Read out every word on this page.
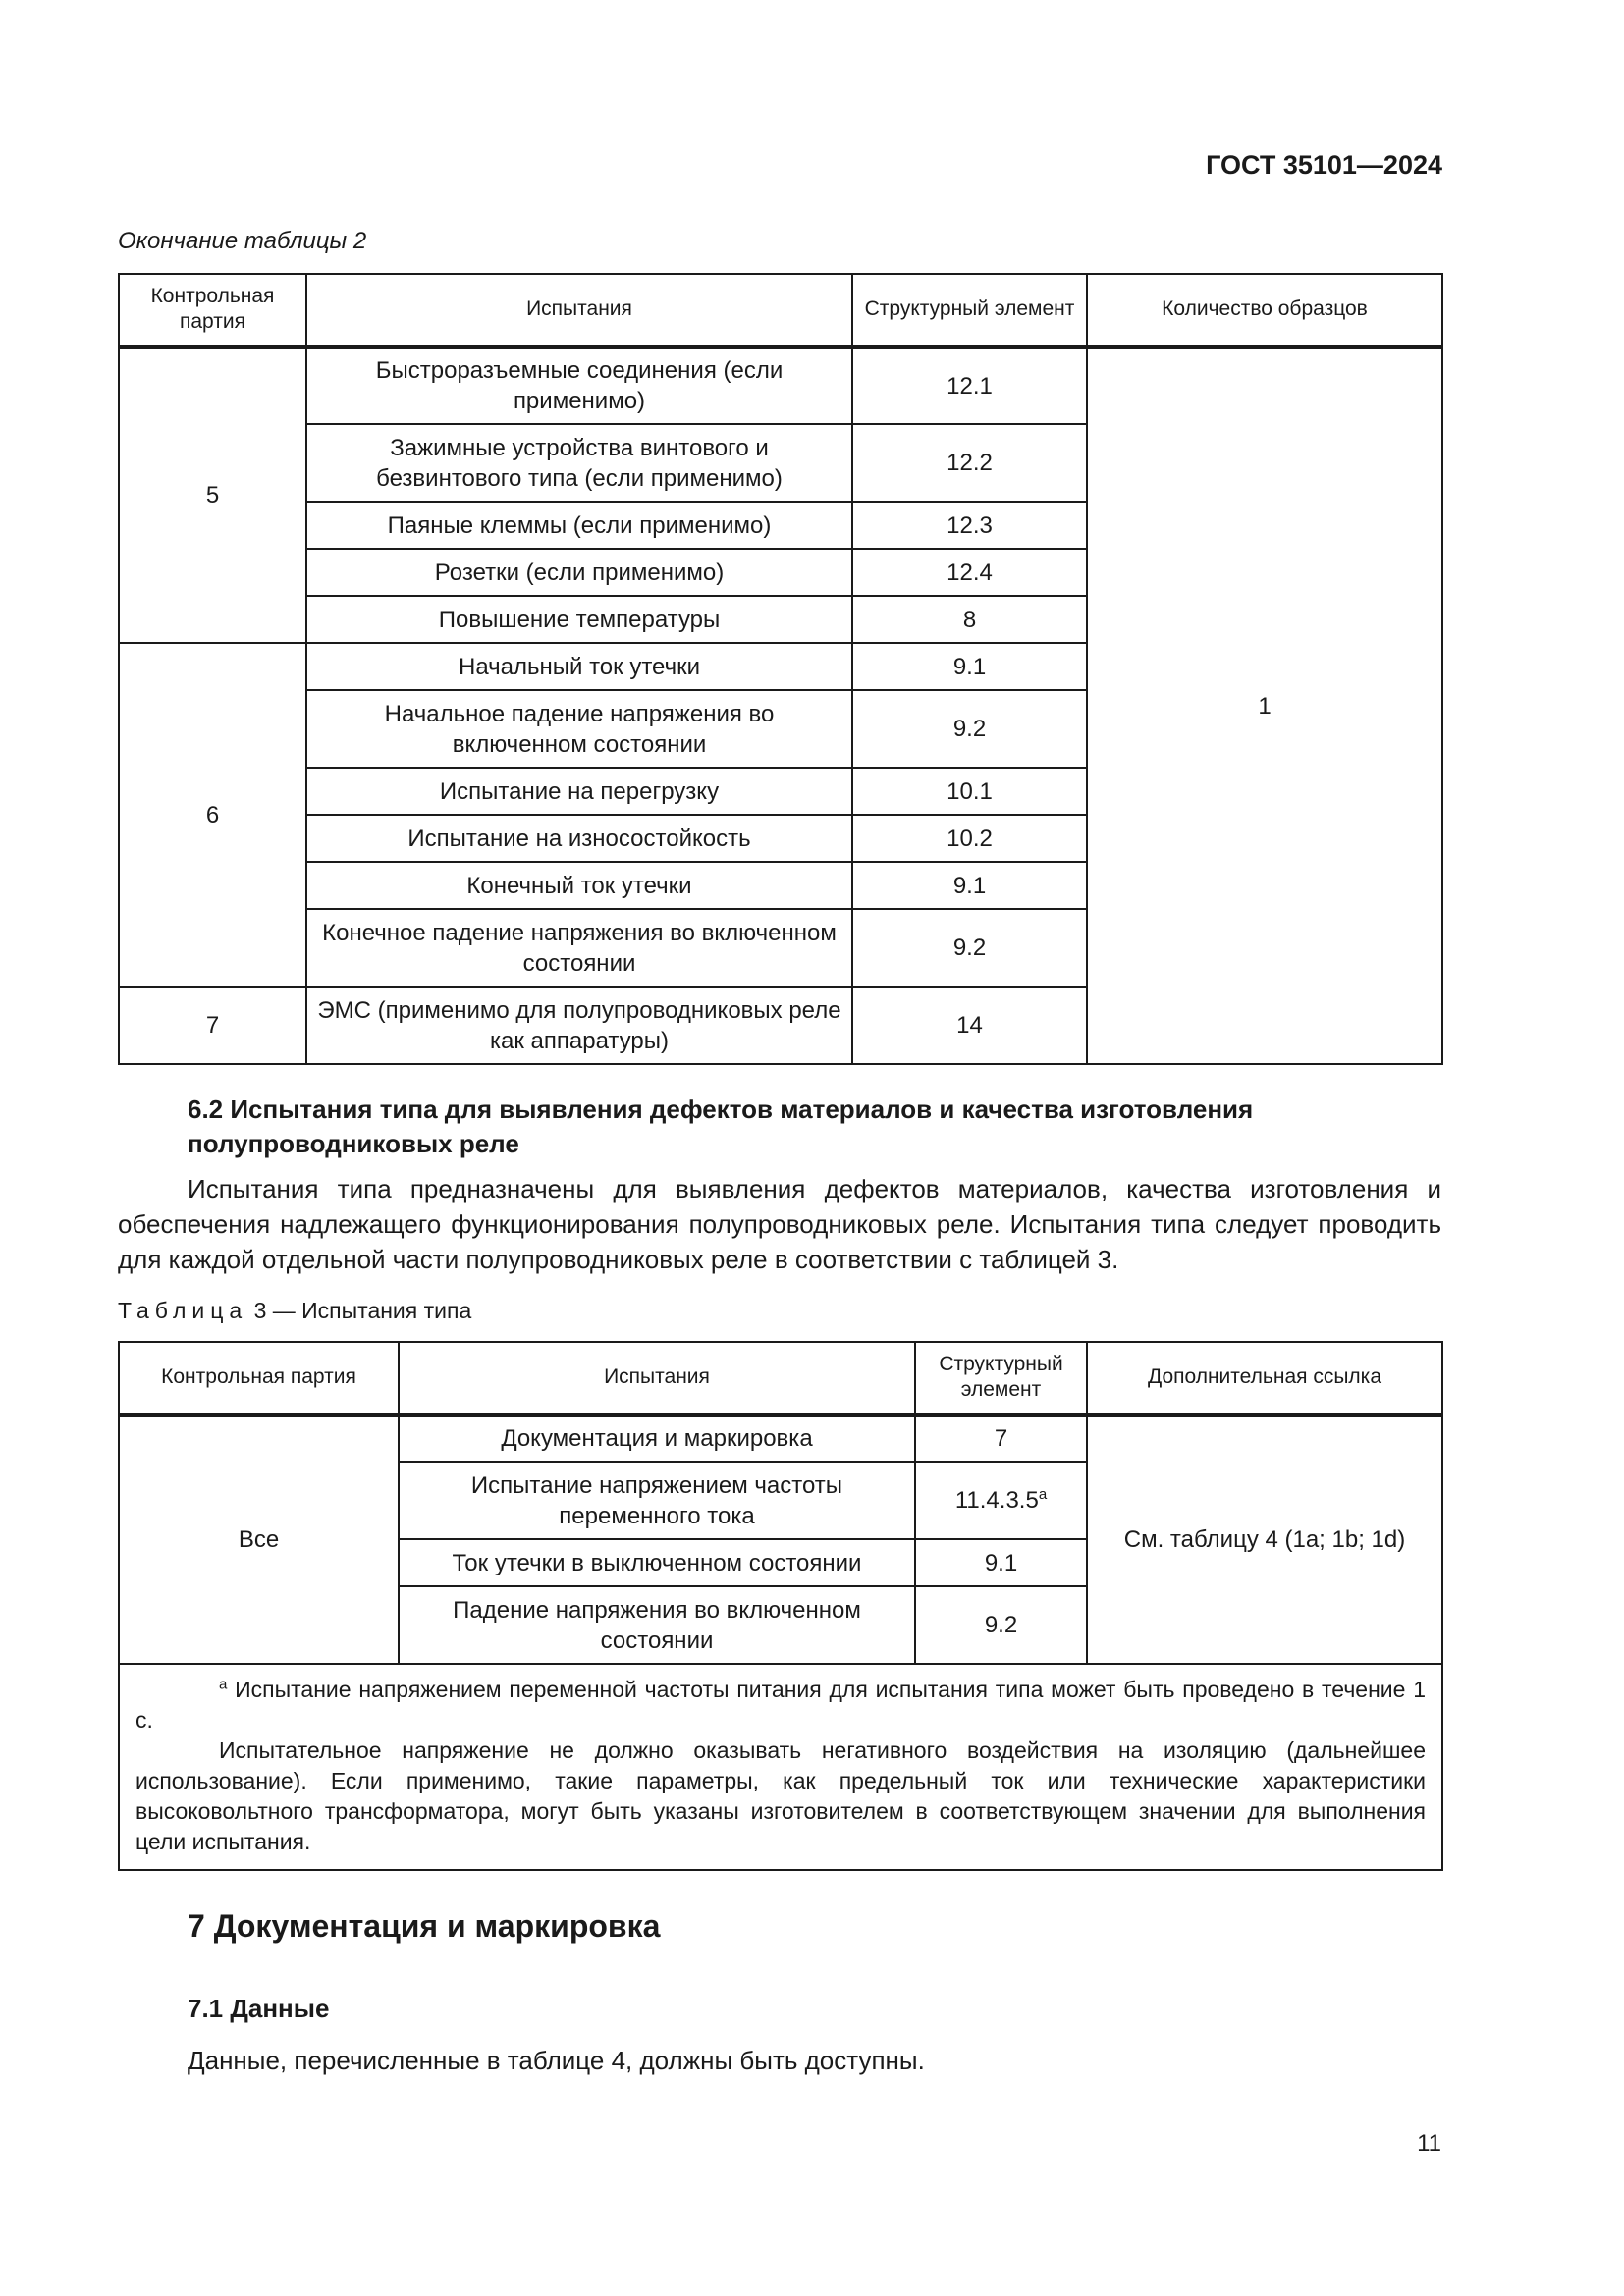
ГОСТ 35101—2024
Окончание таблицы 2
Контрольная партия	Испытания	Структурный элемент	Количество образцов
5	Быстроразъемные соединения (если применимо)	12.1	1
	Зажимные устройства винтового и безвинтового типа (если применимо)	12.2	
	Паяные клеммы (если применимо)	12.3	
	Розетки (если применимо)	12.4	
	Повышение температуры	8	
6	Начальный ток утечки	9.1	
	Начальное падение напряжения во включенном состоянии	9.2	
	Испытание на перегрузку	10.1	
	Испытание на износостойкость	10.2	
	Конечный ток утечки	9.1	
	Конечное падение напряжения во включенном состоянии	9.2	
7	ЭМС (применимо для полупроводниковых реле как аппаратуры)	14	
6.2 Испытания типа для выявления дефектов материалов и качества изготовления полупроводниковых реле
Испытания типа предназначены для выявления дефектов материалов, качества изготовления и обеспечения надлежащего функционирования полупроводниковых реле. Испытания типа следует проводить для каждой отдельной части полупроводниковых реле в соответствии с таблицей 3.
Таблица 3 — Испытания типа
Контрольная партия	Испытания	Структурный элемент	Дополнительная ссылка
Все	Документация и маркировка	7	См. таблицу 4 (1a; 1b; 1d)
	Испытание напряжением частоты переменного тока	11.4.3.5$^a$
	Ток утечки в выключенном состоянии	9.1	
	Падение напряжения во включенном состоянии	9.2	

$^a$ Испытание напряжением переменной частоты питания для испытания типа может быть проведено в течение 1 с.

Испытательное напряжение не должно оказывать негативного воздействия на изоляцию (дальнейшее использование). Если применимо, такие параметры, как предельный ток или технические характеристики высоковольтного трансформатора, могут быть указаны изготовителем в соответствующем значении для выполнения цели испытания.			

7 Документация и маркировка
7.1 Данные
Данные, перечисленные в таблице 4, должны быть доступны.
11
